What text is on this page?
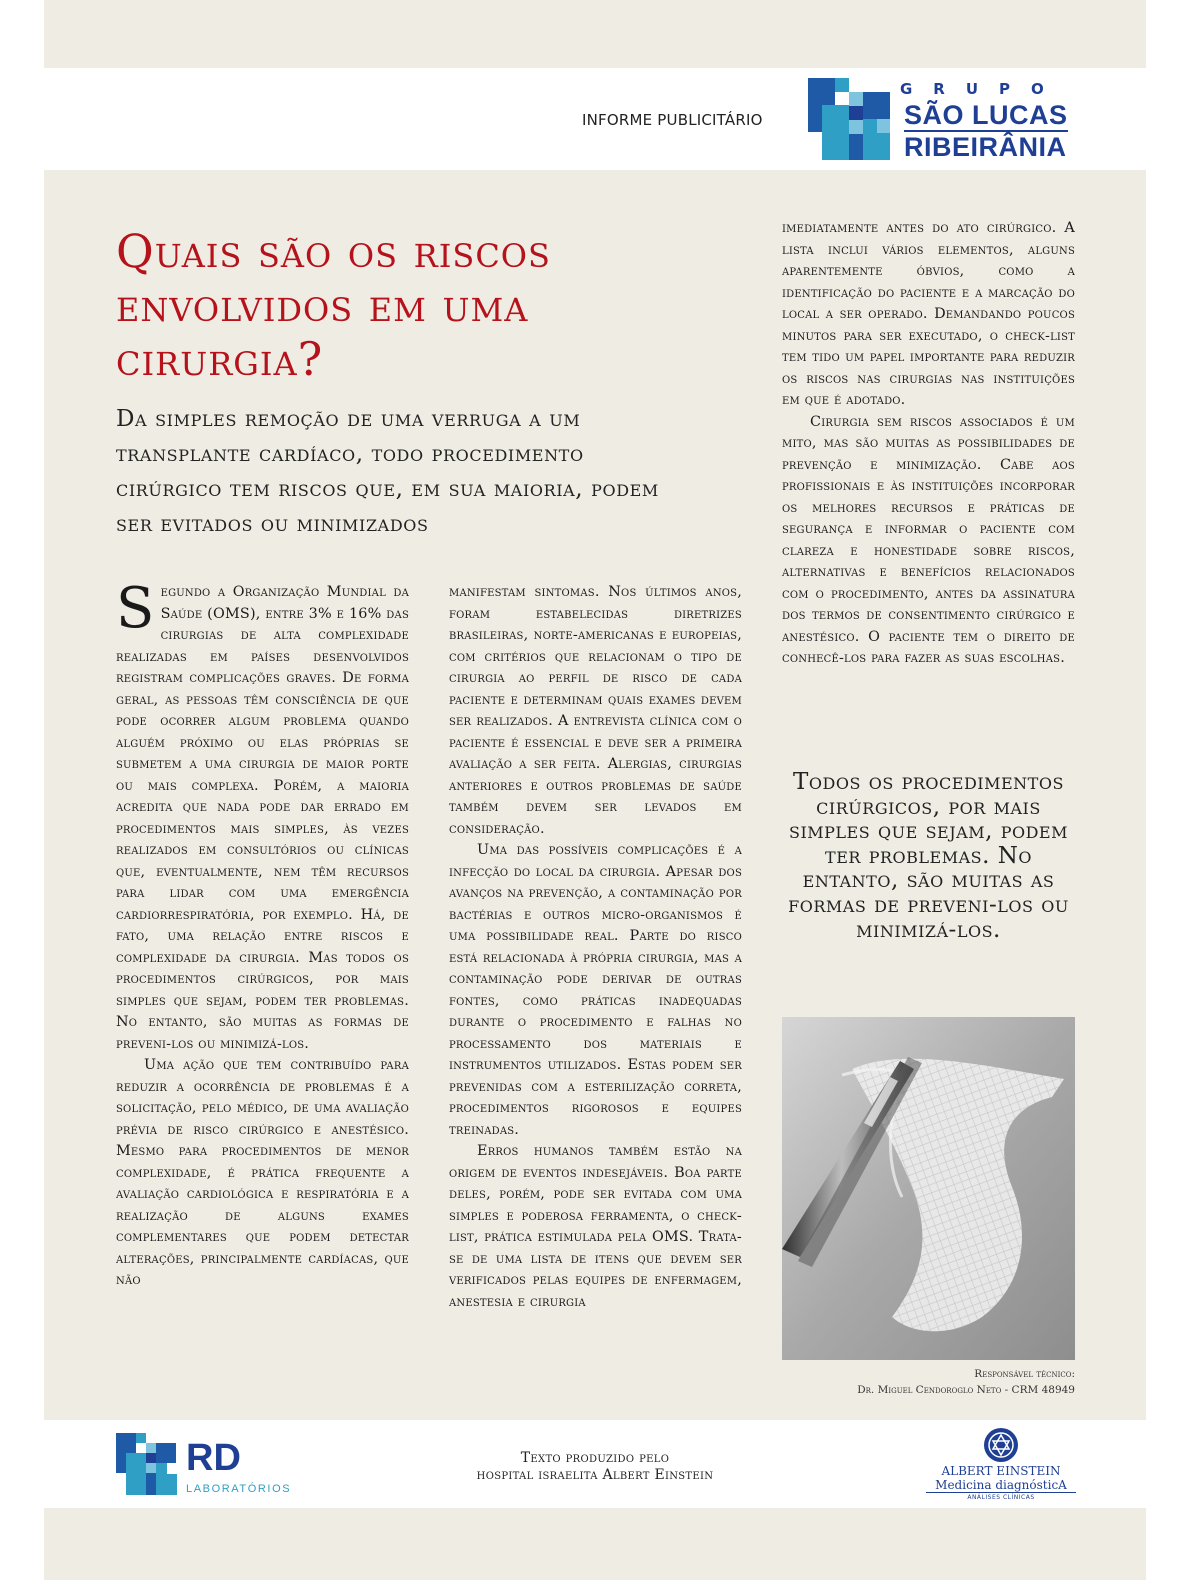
INFORME PUBLICITÁRIO
GRUPO
SÃO LUCAS
RIBEIRÂNIA
Quais são os riscos envolvidos em uma cirurgia?
Da simples remoção de uma verruga a um transplante cardíaco, todo procedimento cirúrgico tem riscos que, em sua maioria, podem ser evitados ou minimizados

Segundo a Organização Mundial da Saúde (OMS), entre 3% e 16% das cirurgias de alta complexidade realizadas em países desenvolvidos registram complicações graves. De forma geral, as pessoas têm consciência de que pode ocorrer algum problema quando alguém próximo ou elas próprias se submetem a uma cirurgia de maior porte ou mais complexa. Porém, a maioria acredita que nada pode dar errado em procedimentos mais simples, às vezes realizados em consultórios ou clínicas que, eventualmente, nem têm recursos para lidar com uma emergência cardiorrespiratória, por exemplo. Há, de fato, uma relação entre riscos e complexidade da cirurgia. Mas todos os procedimentos cirúrgicos, por mais simples que sejam, podem ter problemas. No entanto, são muitas as formas de preveni-los ou minimizá-los.

Uma ação que tem contribuído para reduzir a ocorrência de problemas é a solicitação, pelo médico, de uma avaliação prévia de risco cirúrgico e anestésico. Mesmo para procedimentos de menor complexidade, é prática frequente a avaliação cardiológica e respiratória e a realização de alguns exames complementares que podem detectar alterações, principalmente cardíacas, que não

manifestam sintomas. Nos últimos anos, foram estabelecidas diretrizes brasileiras, norte-americanas e europeias, com critérios que relacionam o tipo de cirurgia ao perfil de risco de cada paciente e determinam quais exames devem ser realizados. A entrevista clínica com o paciente é essencial e deve ser a primeira avaliação a ser feita. Alergias, cirurgias anteriores e outros problemas de saúde também devem ser levados em consideração.

Uma das possíveis complicações é a infecção do local da cirurgia. Apesar dos avanços na prevenção, a contaminação por bactérias e outros micro-organismos é uma possibilidade real. Parte do risco está relacionada à própria cirurgia, mas a contaminação pode derivar de outras fontes, como práticas inadequadas durante o procedimento e falhas no processamento dos materiais e instrumentos utilizados. Estas podem ser prevenidas com a esterilização correta, procedimentos rigorosos e equipes treinadas.

Erros humanos também estão na origem de eventos indesejáveis. Boa parte deles, porém, pode ser evitada com uma simples e poderosa ferramenta, o check-list, prática estimulada pela OMS. Trata-se de uma lista de itens que devem ser verificados pelas equipes de enfermagem, anestesia e cirurgia

imediatamente antes do ato cirúrgico. A lista inclui vários elementos, alguns aparentemente óbvios, como a identificação do paciente e a marcação do local a ser operado. Demandando poucos minutos para ser executado, o check-list tem tido um papel importante para reduzir os riscos nas cirurgias nas instituições em que é adotado.

Cirurgia sem riscos associados é um mito, mas são muitas as possibilidades de prevenção e minimização. Cabe aos profissionais e às instituições incorporar os melhores recursos e práticas de segurança e informar o paciente com clareza e honestidade sobre riscos, alternativas e benefícios relacionados com o procedimento, antes da assinatura dos termos de consentimento cirúrgico e anestésico. O paciente tem o direito de conhecê-los para fazer as suas escolhas.

Todos os procedimentos cirúrgicos, por mais simples que sejam, podem ter problemas. No entanto, são muitas as formas de preveni-los ou minimizá-los.
Responsável técnico:
Dr. Miguel Cendoroglo Neto - CRM 48949
RD
LABORATÓRIOS
Texto produzido pelo
hospital israelita Albert Einstein	ALBERT EINSTEIN
Medicina diagnósticA
ANÁLISES CLÍNICAS
